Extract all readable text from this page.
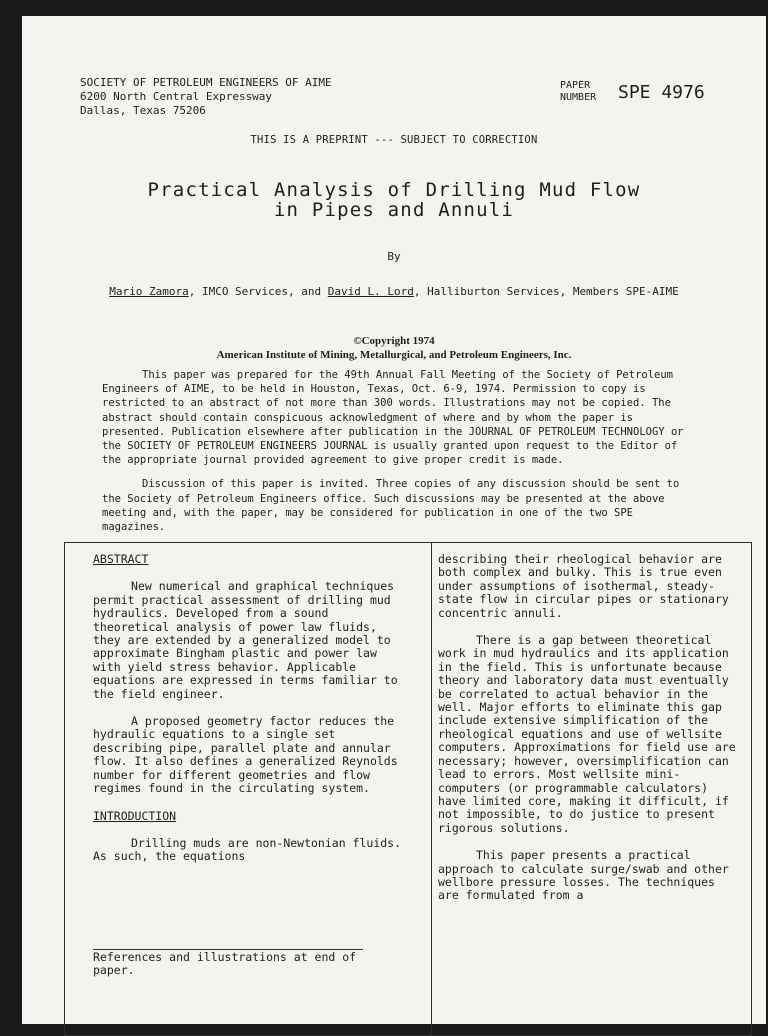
SOCIETY OF PETROLEUM ENGINEERS OF AIME
6200 North Central Expressway
Dallas, Texas 75206
PAPER
NUMBER	SPE 4976
THIS IS A PREPRINT --- SUBJECT TO CORRECTION
Practical Analysis of Drilling Mud Flow
in Pipes and Annuli
By
Mario Zamora, IMCO Services, and David L. Lord, Halliburton Services, Members SPE-AIME
©Copyright 1974
American Institute of Mining, Metallurgical, and Petroleum Engineers, Inc.

This paper was prepared for the 49th Annual Fall Meeting of the Society of Petroleum Engineers of AIME, to be held in Houston, Texas, Oct. 6-9, 1974. Permission to copy is restricted to an abstract of not more than 300 words. Illustrations may not be copied. The abstract should contain conspicuous acknowledgment of where and by whom the paper is presented. Publication elsewhere after publication in the JOURNAL OF PETROLEUM TECHNOLOGY or the SOCIETY OF PETROLEUM ENGINEERS JOURNAL is usually granted upon request to the Editor of the appropriate journal provided agreement to give proper credit is made.

Discussion of this paper is invited. Three copies of any discussion should be sent to the Society of Petroleum Engineers office. Such discussions may be presented at the above meeting and, with the paper, may be considered for publication in one of the two SPE magazines.

ABSTRACT

New numerical and graphical techniques permit practical assessment of drilling mud hydraulics. Developed from a sound theoretical analysis of power law fluids, they are extended by a generalized model to approximate Bingham plastic and power law with yield stress behavior. Applicable equations are expressed in terms familiar to the field engineer.

A proposed geometry factor reduces the hydraulic equations to a single set describing pipe, parallel plate and annular flow. It also defines a generalized Reynolds number for different geometries and flow regimes found in the circulating system.

INTRODUCTION

Drilling muds are non-Newtonian fluids. As such, the equations

References and illustrations at end of paper.

describing their rheological behavior are both complex and bulky. This is true even under assumptions of isothermal, steady-state flow in circular pipes or stationary concentric annuli.

There is a gap between theoretical work in mud hydraulics and its application in the field. This is unfortunate because theory and laboratory data must eventually be correlated to actual behavior in the well. Major efforts to eliminate this gap include extensive simplification of the rheological equations and use of wellsite computers. Approximations for field use are necessary; however, oversimplification can lead to errors. Most wellsite mini-computers (or programmable calculators) have limited core, making it difficult, if not impossible, to do justice to present rigorous solutions.

This paper presents a practical approach to calculate surge/swab and other wellbore pressure losses. The techniques are formulated from a
